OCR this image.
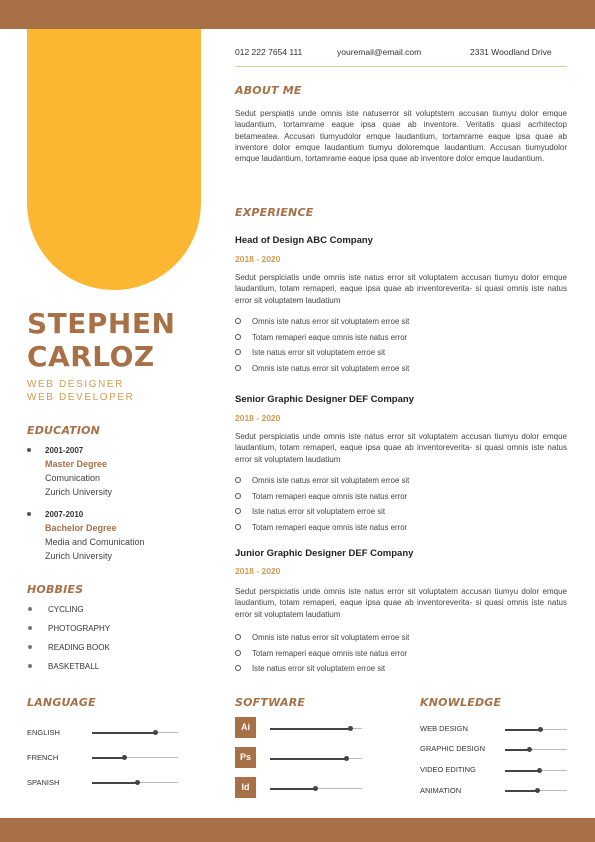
STEPHEN
CARLOZ
WEB DESIGNER
WEB DEVELOPER
EDUCATION
2001-2007
Master Degree
Comunication
Zurich University
2007-2010
Bachelor Degree
Media and Comunication
Zurich University
HOBBIES
CYCLING
PHOTOGRAPHY
READING BOOK
BASKETBALL
012 222 7654 111	youremail@email.com	2331 Woodland Drive
ABOUT ME
Sedut perspiatis unde omnis iste natuserror sit voluptstem accusan tiumyu dolor emque laudantium, tortamrame eaque ipsa quae ab inventore. Veritatis quasi acrhitectop betameatea. Accusan tiumyudolor emque laudantium, tortamrame eaque ipsa quae ab inventore dolor emque laudantium tiumyu doloremque laudantium. Accusan tiumyudolor emque laudantium, tortamrame eaque ipsa quae ab inventore dolor emque laudantium.
EXPERIENCE
Head of Design ABC Company
2018 - 2020
Sedut perspiciatis unde omnis iste natus error sit voluptatem accusan tiumyu dolor emque laudantium, totam remaperi, eaque ipsa quae ab inventoreverita- si quasi omnis iste natus error sit voluptatem laudatium
Omnis iste natus error sit voluptatem erroe sit
Totam remaperi eaque omnis iste natus error
Iste natus error sit voluptatem erroe sit
Omnis iste natus error sit voluptatem erroe sit
Senior Graphic Designer DEF Company
2018 - 2020
Sedut perspiciatis unde omnis iste natus error sit voluptatem accusan tiumyu dolor emque laudantium, totam remaperi, eaque ipsa quae ab inventoreverita- si quasi omnis iste natus error sit voluptatem laudatium
Omnis iste natus error sit voluptatem erroe sit
Totam remaperi eaque omnis iste natus error
Iste natus error sit voluptatem erroe sit
Totam remaperi eaque omnis iste natus error
Junior Graphic Designer DEF Company
2018 - 2020
Sedut perspiciatis unde omnis iste natus error sit voluptatem accusan tiumyu dolor emque laudantium, totam remaperi, eaque ipsa quae ab inventoreverita- si quasi omnis iste natus error sit voluptatem laudatium
Omnis iste natus error sit voluptatem erroe sit
Totam remaperi eaque omnis iste natus error
Iste natus error sit voluptatem erroe sit
LANGUAGE
ENGLISH
FRENCH
SPANISH
SOFTWARE
Ai
Ps
Id
KNOWLEDGE
WEB DESIGN
GRAPHIC DESIGN
VIDEO EDITING
ANIMATION
